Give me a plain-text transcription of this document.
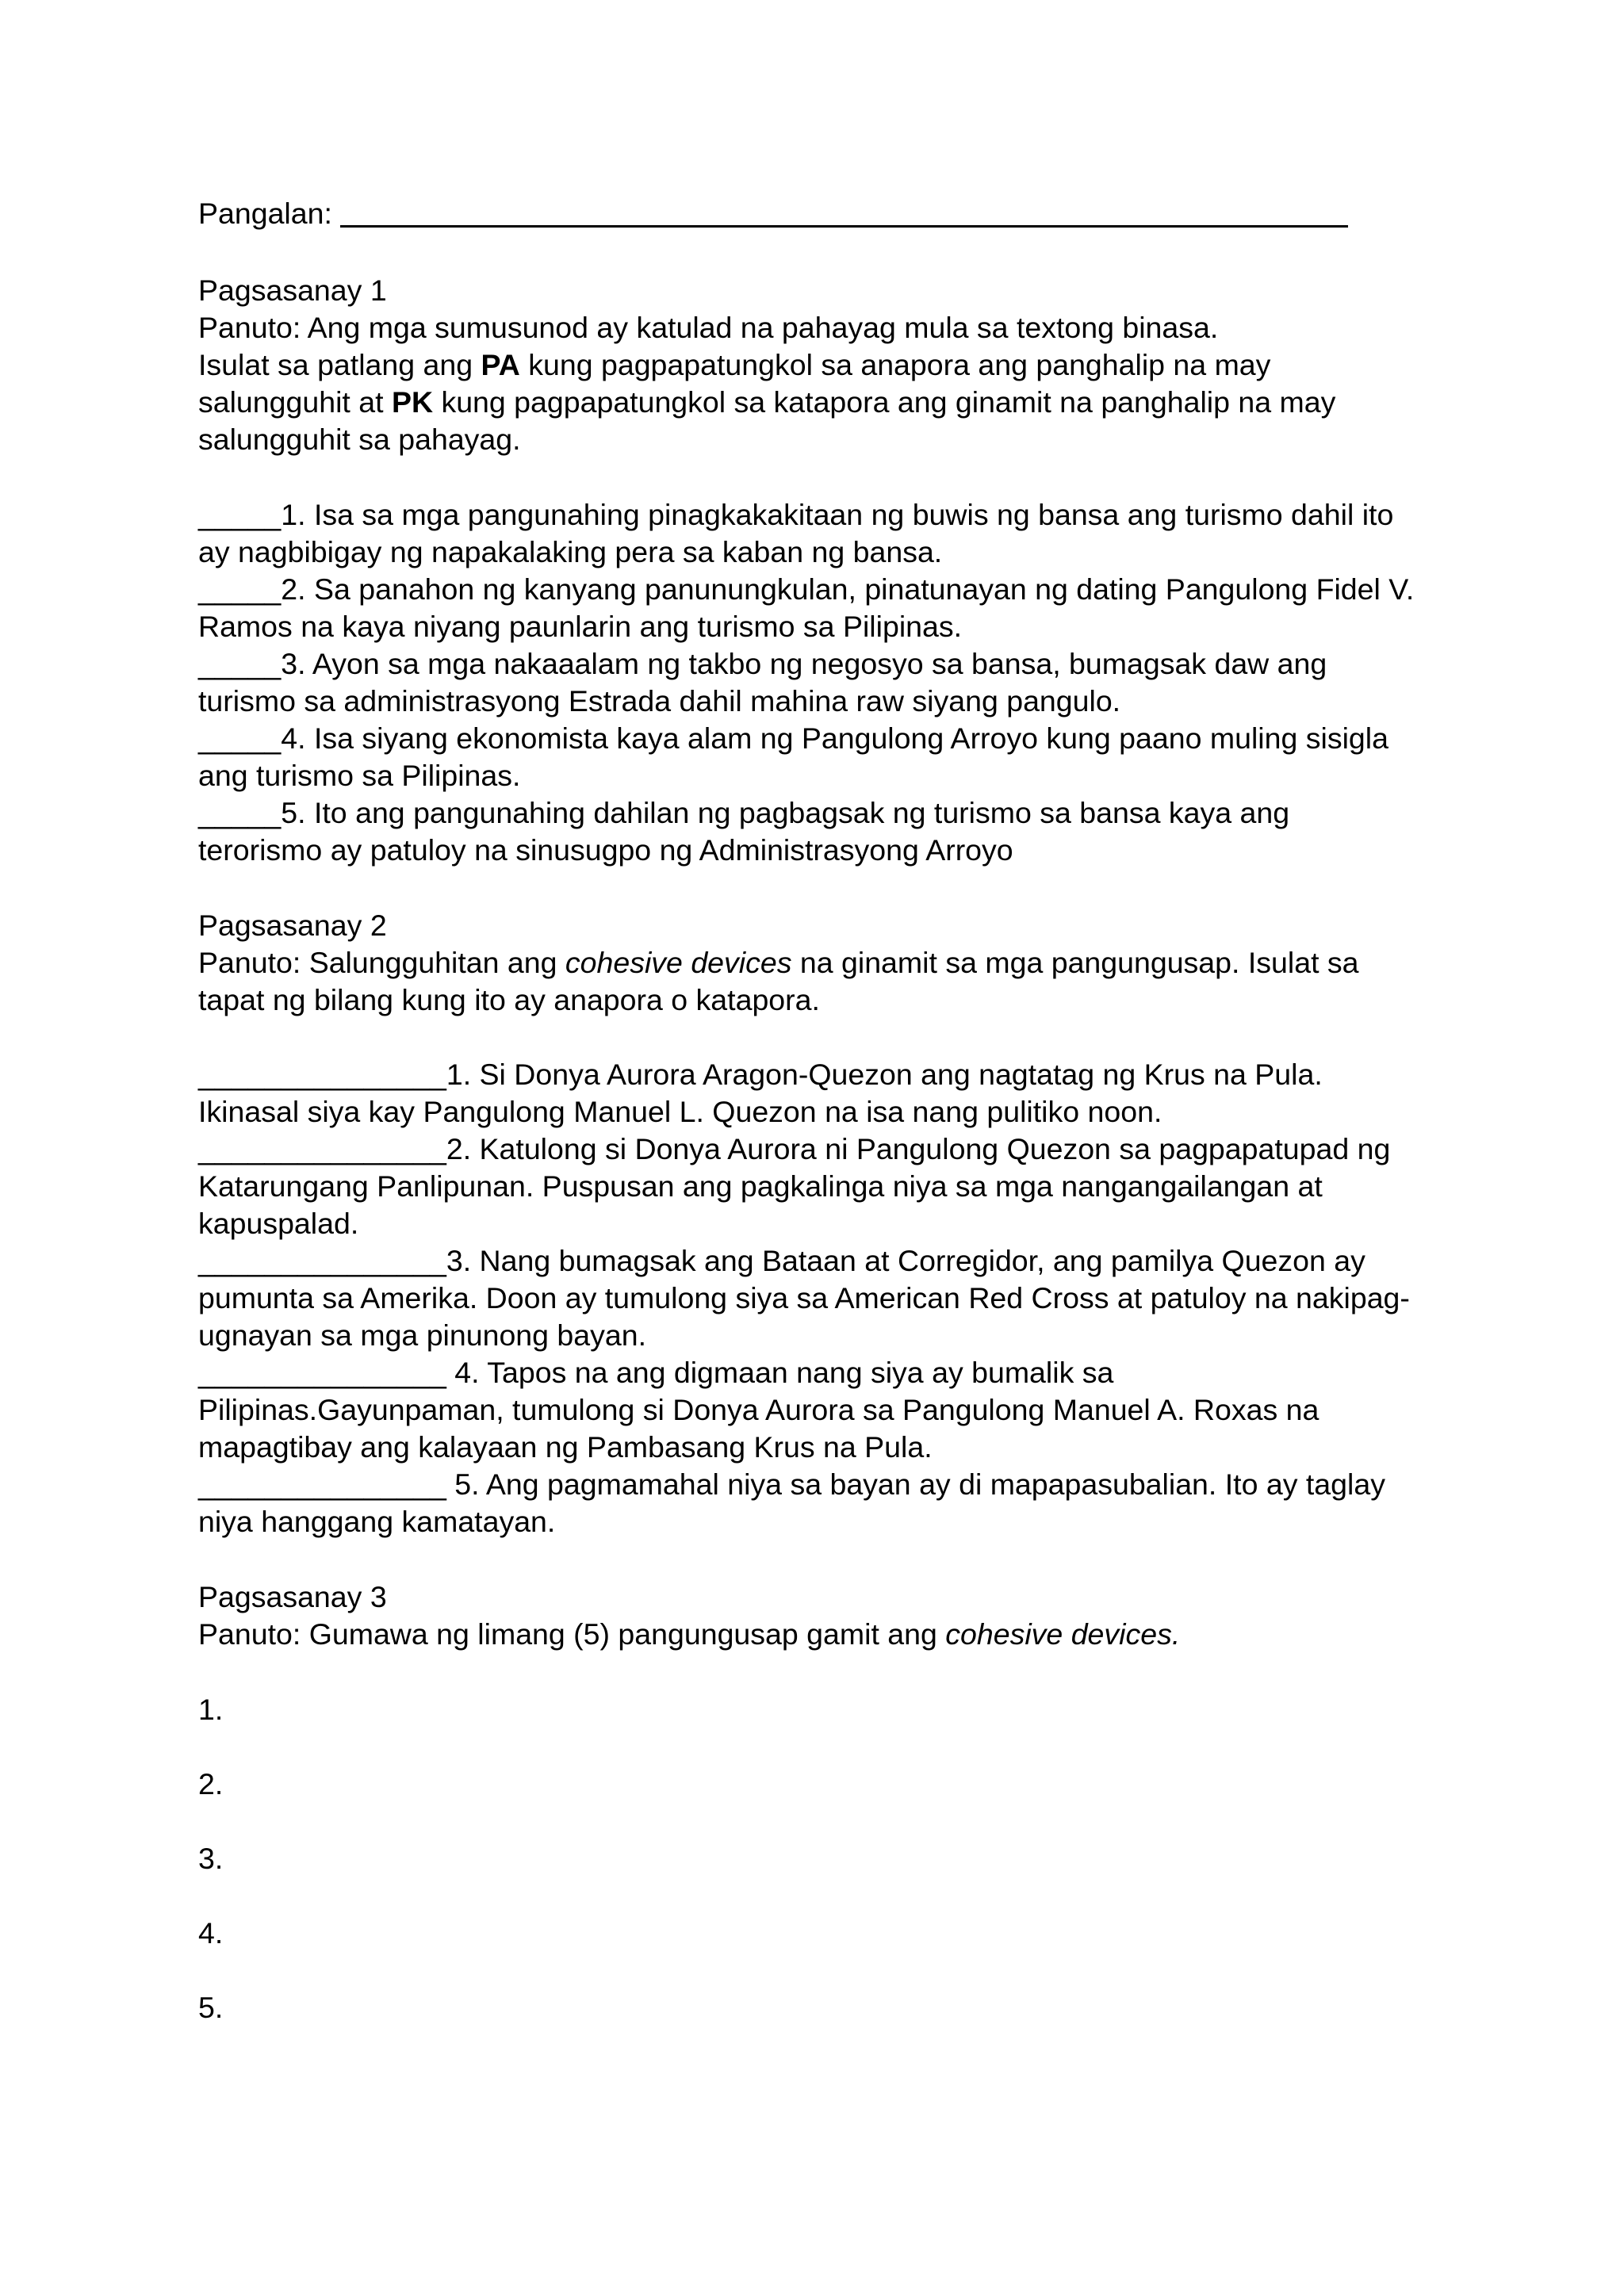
Pangalan:
Pagsasanay 1
Panuto: Ang mga sumusunod ay katulad na pahayag mula sa textong binasa.
Isulat sa patlang ang PA kung pagpapatungkol sa anapora ang panghalip na may
salungguhit at PK kung pagpapatungkol sa katapora ang ginamit na panghalip na may
salungguhit sa pahayag.
_____1. Isa sa mga pangunahing pinagkakakitaan ng buwis ng bansa ang turismo dahil ito
ay nagbibigay ng napakalaking pera sa kaban ng bansa.
_____2. Sa panahon ng kanyang panunungkulan, pinatunayan ng dating Pangulong Fidel V.
Ramos na kaya niyang paunlarin ang turismo sa Pilipinas.
_____3. Ayon sa mga nakaaalam ng takbo ng negosyo sa bansa, bumagsak daw ang
turismo sa administrasyong Estrada dahil mahina raw siyang pangulo.
_____4. Isa siyang ekonomista kaya alam ng Pangulong Arroyo kung paano muling sisigla
ang turismo sa Pilipinas.
_____5. Ito ang pangunahing dahilan ng pagbagsak ng turismo sa bansa kaya ang
terorismo ay patuloy na sinusugpo ng Administrasyong Arroyo
Pagsasanay 2
Panuto: Salungguhitan ang cohesive devices na ginamit sa mga pangungusap. Isulat sa
tapat ng bilang kung ito ay anapora o katapora.
_______________1. Si Donya Aurora Aragon-Quezon ang nagtatag ng Krus na Pula.
Ikinasal siya kay Pangulong Manuel L. Quezon na isa nang pulitiko noon.
_______________2. Katulong si Donya Aurora ni Pangulong Quezon sa pagpapatupad ng
Katarungang Panlipunan. Puspusan ang pagkalinga niya sa mga nangangailangan at
kapuspalad.
_______________3. Nang bumagsak ang Bataan at Corregidor, ang pamilya Quezon ay
pumunta sa Amerika. Doon ay tumulong siya sa American Red Cross at patuloy na nakipag-
ugnayan sa mga pinunong bayan.
_______________ 4. Tapos na ang digmaan nang siya ay bumalik sa
Pilipinas.Gayunpaman, tumulong si Donya Aurora sa Pangulong Manuel A. Roxas na
mapagtibay ang kalayaan ng Pambasang Krus na Pula.
_______________ 5. Ang pagmamahal niya sa bayan ay di mapapasubalian. Ito ay taglay
niya hanggang kamatayan.
Pagsasanay 3
Panuto: Gumawa ng limang (5) pangungusap gamit ang cohesive devices.
1.
2.
3.
4.
5.
